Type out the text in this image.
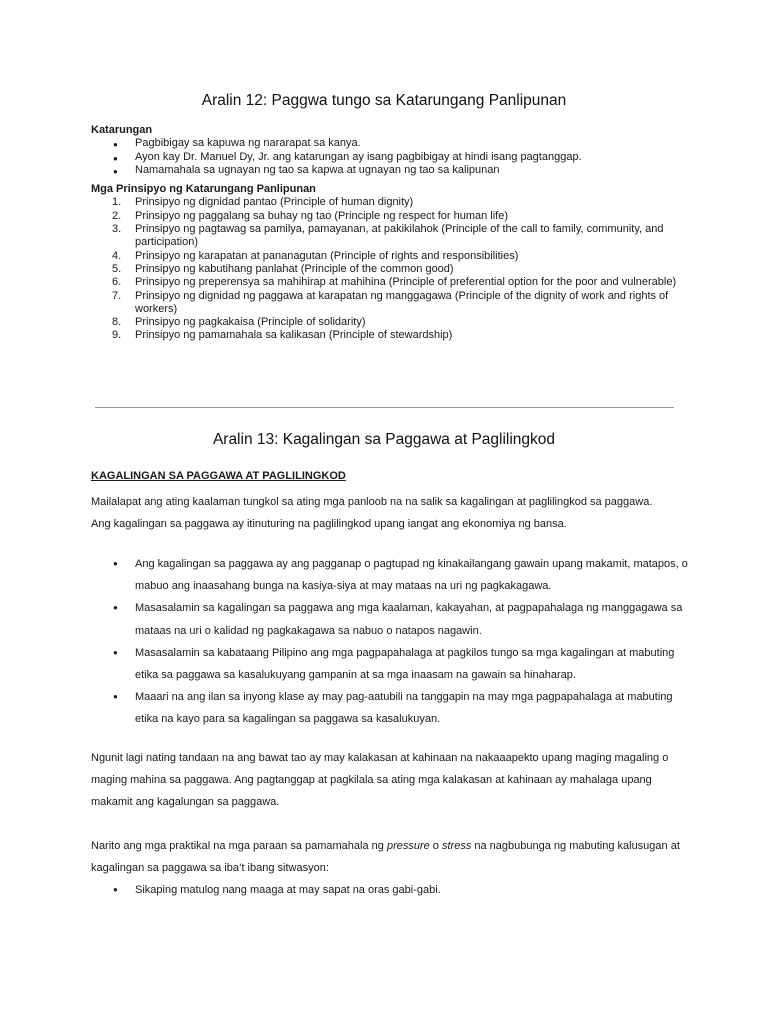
Aralin 12: Paggwa tungo sa Katarungang Panlipunan
Katarungan
● Pagbibigay sa kapuwa ng nararapat sa kanya.
● Ayon kay Dr. Manuel Dy, Jr. ang katarungan ay isang pagbibigay at hindi isang pagtanggap.
● Namamahala sa ugnayan ng tao sa kapwa at ugnayan ng tao sa kalipunan
Mga Prinsipyo ng Katarungang Panlipunan
1. Prinsipyo ng dignidad pantao (Principle of human dignity)
2. Prinsipyo ng paggalang sa buhay ng tao (Principle ng respect for human life)
3. Prinsipyo ng pagtawag sa pamilya, pamayanan, at pakikilahok (Principle of the call to family, community, and participation)
4. Prinsipyo ng karapatan at pananagutan (Principle of rights and responsibilities)
5. Prinsipyo ng kabutihang panlahat (Principle of the common good)
6. Prinsipyo ng preperensya sa mahihirap at mahihina (Principle of preferential option for the poor and vulnerable)
7. Prinsipyo ng dignidad ng paggawa at karapatan ng manggagawa (Principle of the dignity of work and rights of workers)
8. Prinsipyo ng pagkakaisa (Principle of solidarity)
9. Prinsipyo ng pamamahala sa kalikasan (Principle of stewardship)
Aralin 13: Kagalingan sa Paggawa at Paglilingkod

KAGALINGAN SA PAGGAWA AT PAGLILINGKOD

Mailalapat ang ating kaalaman tungkol sa ating mga panloob na na salik sa kagalingan at paglilingkod sa paggawa.

Ang kagalingan sa paggawa ay itinuturing na paglilingkod upang iangat ang ekonomiya ng bansa.

● Ang kagalingan sa paggawa ay ang pagganap o pagtupad ng kinakailangang gawain upang makamit, matapos, o mabuo ang inaasahang bunga na kasiya-siya at may mataas na uri ng pagkakagawa.
● Masasalamin sa kagalingan sa paggawa ang mga kaalaman, kakayahan, at pagpapahalaga ng manggagawa sa mataas na uri o kalidad ng pagkakagawa sa nabuo o natapos nagawin.
● Masasalamin sa kabataang Pilipino ang mga pagpapahalaga at pagkilos tungo sa mga kagalingan at mabuting etika sa paggawa sa kasalukuyang gampanin at sa mga inaasam na gawain sa hinaharap.
● Maaari na ang ilan sa inyong klase ay may pag-aatubili na tanggapin na may mga pagpapahalaga at mabuting etika na kayo para sa kagalingan sa paggawa sa kasalukuyan.

Ngunit lagi nating tandaan na ang bawat tao ay may kalakasan at kahinaan na nakaaapekto upang maging magaling o maging mahina sa paggawa. Ang pagtanggap at pagkilala sa ating mga kalakasan at kahinaan ay mahalaga upang makamit ang kagalungan sa paggawa.

Narito ang mga praktikal na mga paraan sa pamamahala ng pressure o stress na nagbubunga ng mabuting kalusugan at kagalingan sa paggawa sa iba’t ibang sitwasyon:

● Sikaping matulog nang maaga at may sapat na oras gabi-gabi.
